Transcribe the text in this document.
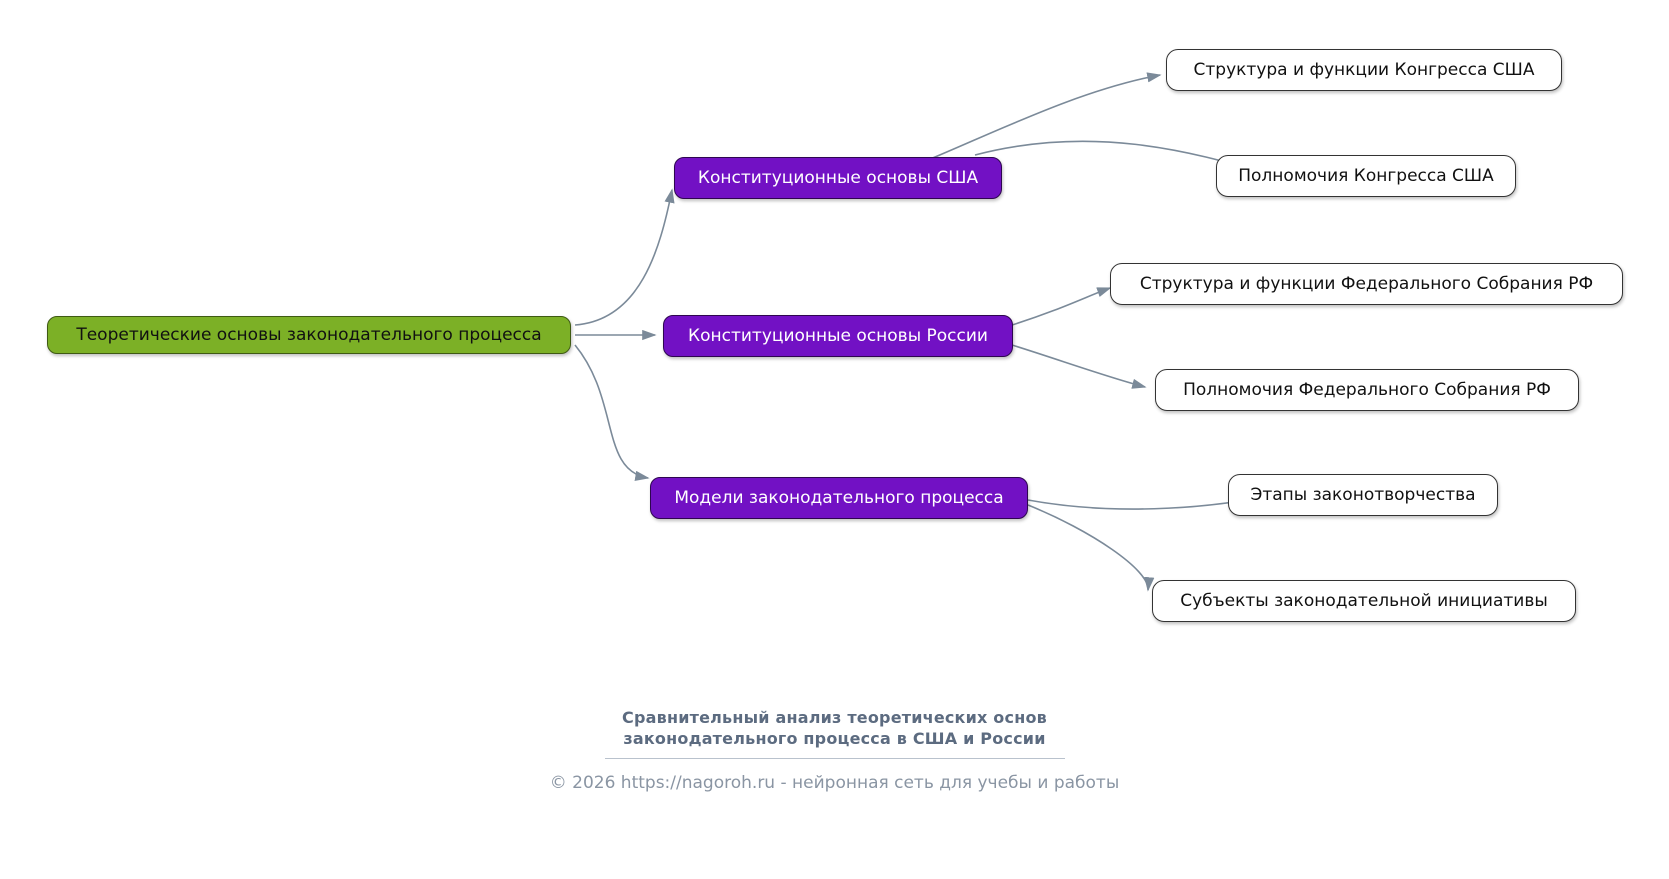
Теоретические основы законодательного процесса
Конституционные основы США
Конституционные основы России
Модели законодательного процесса
Структура и функции Конгресса США
Полномочия Конгресса США
Структура и функции Федерального Собрания РФ
Полномочия Федерального Собрания РФ
Этапы законотворчества
Субъекты законодательной инициативы
Сравнительный анализ теоретических основ
законодательного процесса в США и России
© 2026 https://nagoroh.ru - нейронная сеть для учебы и работы
